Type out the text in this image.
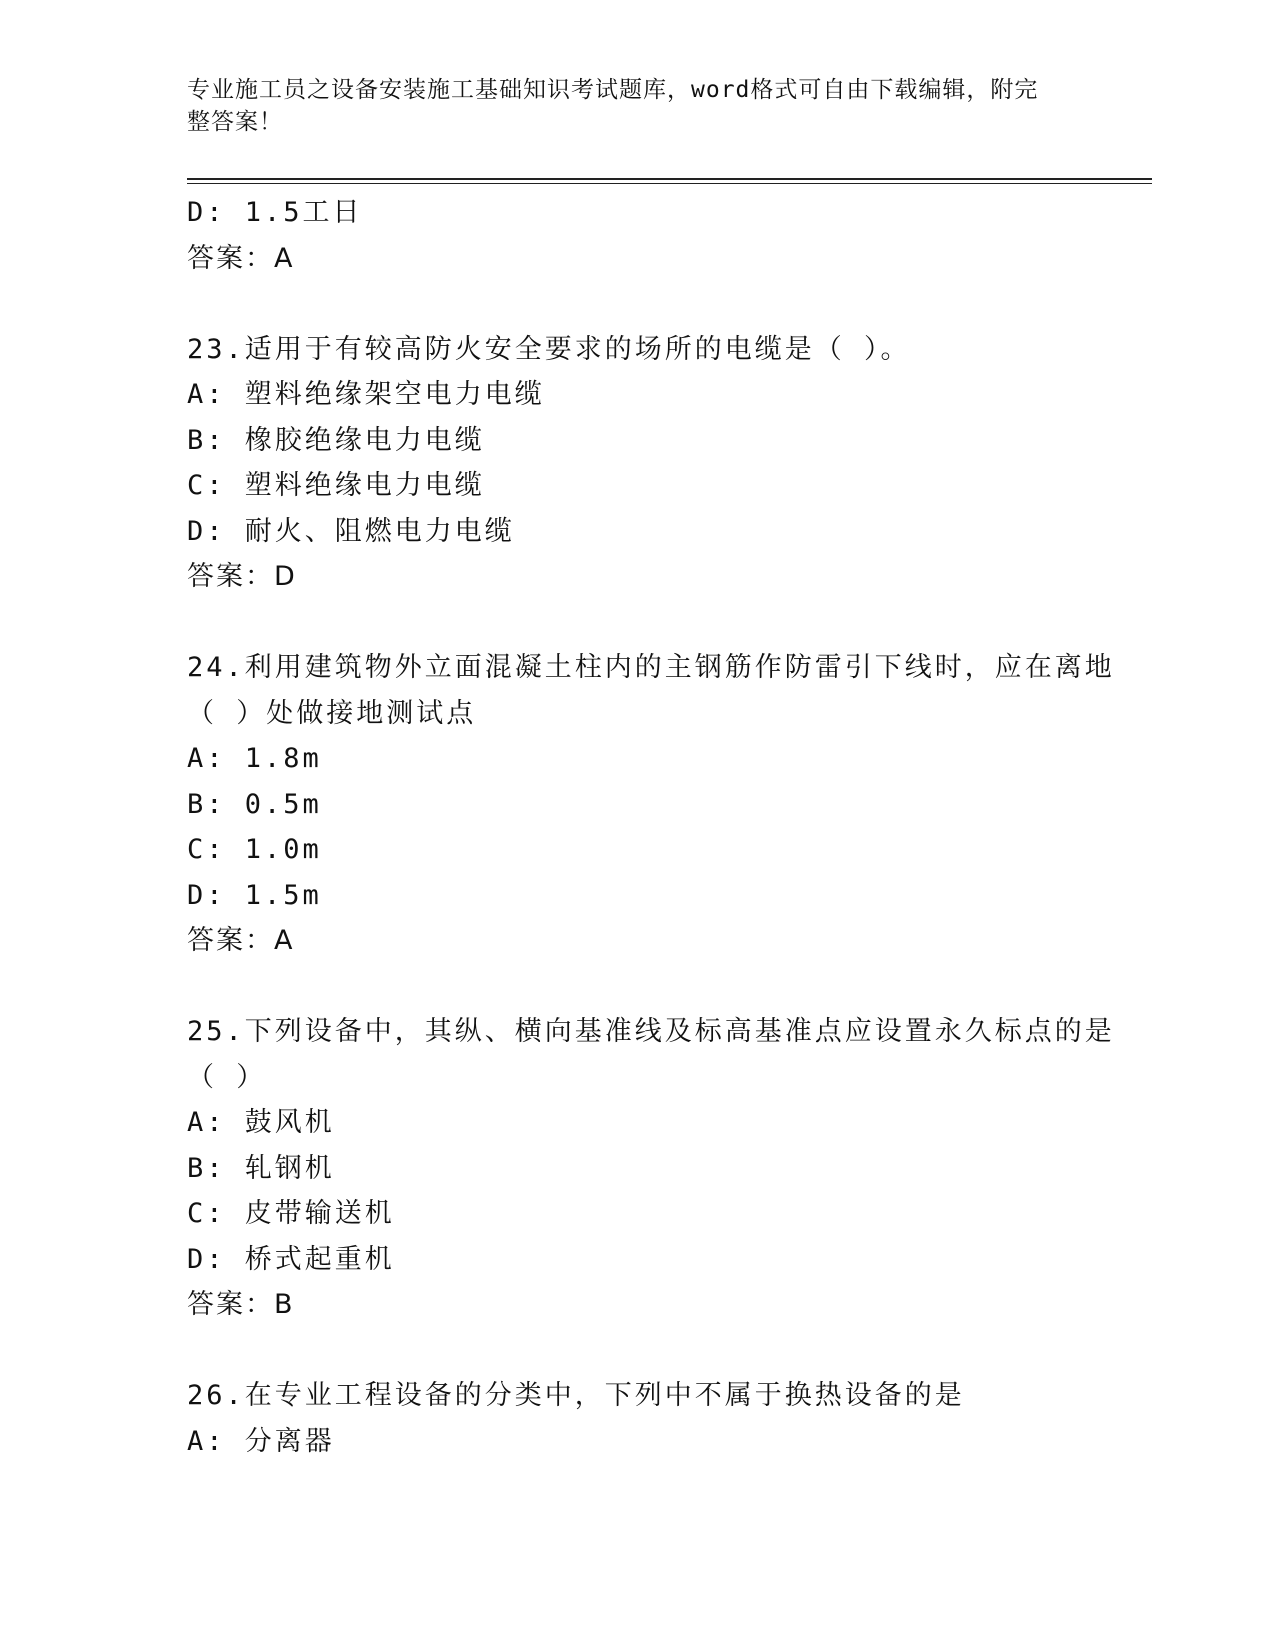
专业施工员之设备安装施工基础知识考试题库，word格式可自由下载编辑，附完
整答案！
D: 1.5工日
答案：A
23.适用于有较高防火安全要求的场所的电缆是（ ）。
A: 塑料绝缘架空电力电缆
B: 橡胶绝缘电力电缆
C: 塑料绝缘电力电缆
D: 耐火、阻燃电力电缆
答案：D
24.利用建筑物外立面混凝土柱内的主钢筋作防雷引下线时，应在离地
（ ）处做接地测试点
A: 1.8m
B: 0.5m
C: 1.0m
D: 1.5m
答案：A
25.下列设备中，其纵、横向基准线及标高基准点应设置永久标点的是
（ ）
A: 鼓风机
B: 轧钢机
C: 皮带输送机
D: 桥式起重机
答案：B
26.在专业工程设备的分类中，下列中不属于换热设备的是
A: 分离器
